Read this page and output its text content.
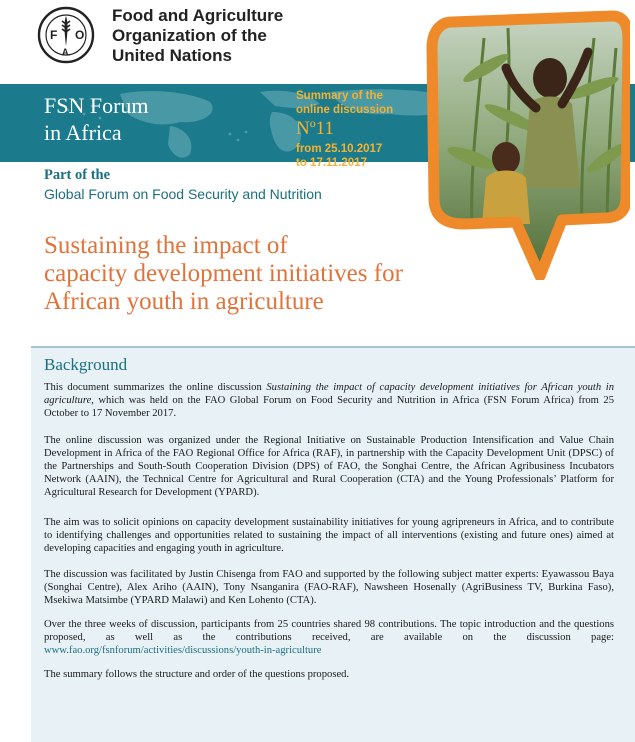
F
A
O
Food and Agriculture
Organization of the
United Nations
FSN Forum
in Africa
Summary of the
online discussion
Nº11
from 25.10.2017
to 17.11.2017
Part of the
Global Forum on Food Security and Nutrition
Sustaining the impact of
capacity development initiatives for
African youth in agriculture
Background
This document summarizes the online discussion Sustaining the impact of capacity development initiatives for African youth in agriculture, which was held on the FAO Global Forum on Food Security and Nutrition in Africa (FSN Forum Africa) from 25 October to 17 November 2017.
The online discussion was organized under the Regional Initiative on Sustainable Production Intensification and Value Chain Development in Africa of the FAO Regional Office for Africa (RAF), in partnership with the Capacity Development Unit (DPSC) of the Partnerships and South-South Cooperation Division (DPS) of FAO, the Songhai Centre, the African Agribusiness Incubators Network (AAIN), the Technical Centre for Agricultural and Rural Cooperation (CTA) and the Young Professionals’ Platform for Agricultural Research for Development (YPARD).
The aim was to solicit opinions on capacity development sustainability initiatives for young agripreneurs in Africa, and to contribute to identifying challenges and opportunities related to sustaining the impact of all interventions (existing and future ones) aimed at developing capacities and engaging youth in agriculture.
The discussion was facilitated by Justin Chisenga from FAO and supported by the following subject matter experts: Eyawassou Baya (Songhai Centre), Alex Ariho (AAIN), Tony Nsanganira (FAO-RAF), Nawsheen Hosenally (AgriBusiness TV, Burkina Faso), Msekiwa Matsimbe (YPARD Malawi) and Ken Lohento (CTA).
Over the three weeks of discussion, participants from 25 countries shared 98 contributions. The topic introduction and the questions proposed, as well as the contributions received, are available on the discussion page: www.fao.org/fsnforum/activities/discussions/youth-in-agriculture
The summary follows the structure and order of the questions proposed.
